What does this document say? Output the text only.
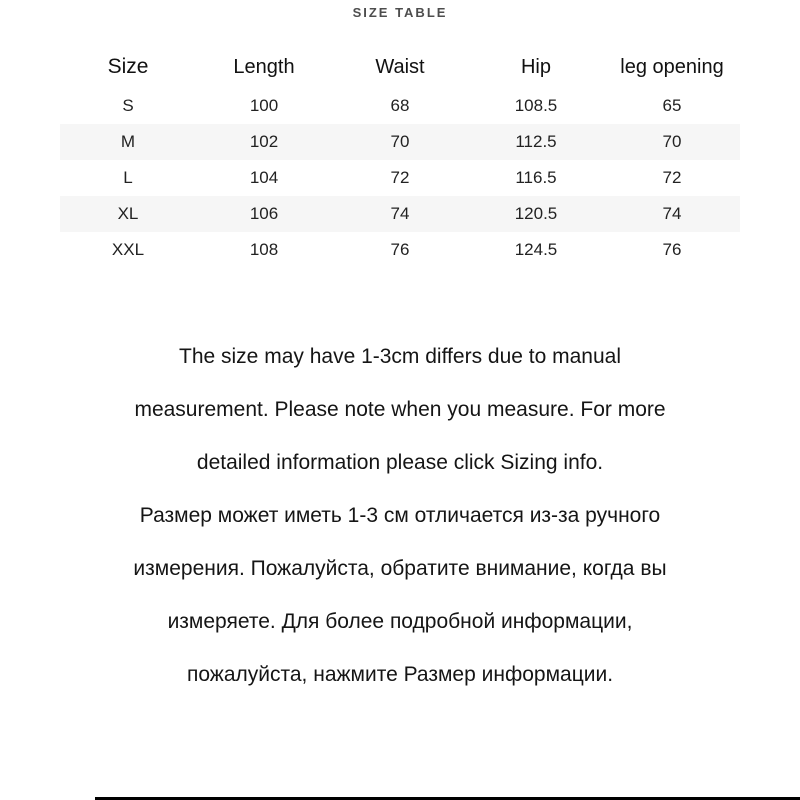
SIZE TABLE
Size	Length	Waist	Hip	leg opening
S	100	68	108.5	65
M	102	70	112.5	70
L	104	72	116.5	72
XL	106	74	120.5	74
XXL	108	76	124.5	76

The size may have 1-3cm differs due to manual

measurement. Please note when you measure. For more

detailed information please click Sizing info.

Размер может иметь 1-3 см отличается из-за ручного

измерения. Пожалуйста, обратите внимание, когда вы

измеряете. Для более подробной информации,

пожалуйста, нажмите Размер информации.
